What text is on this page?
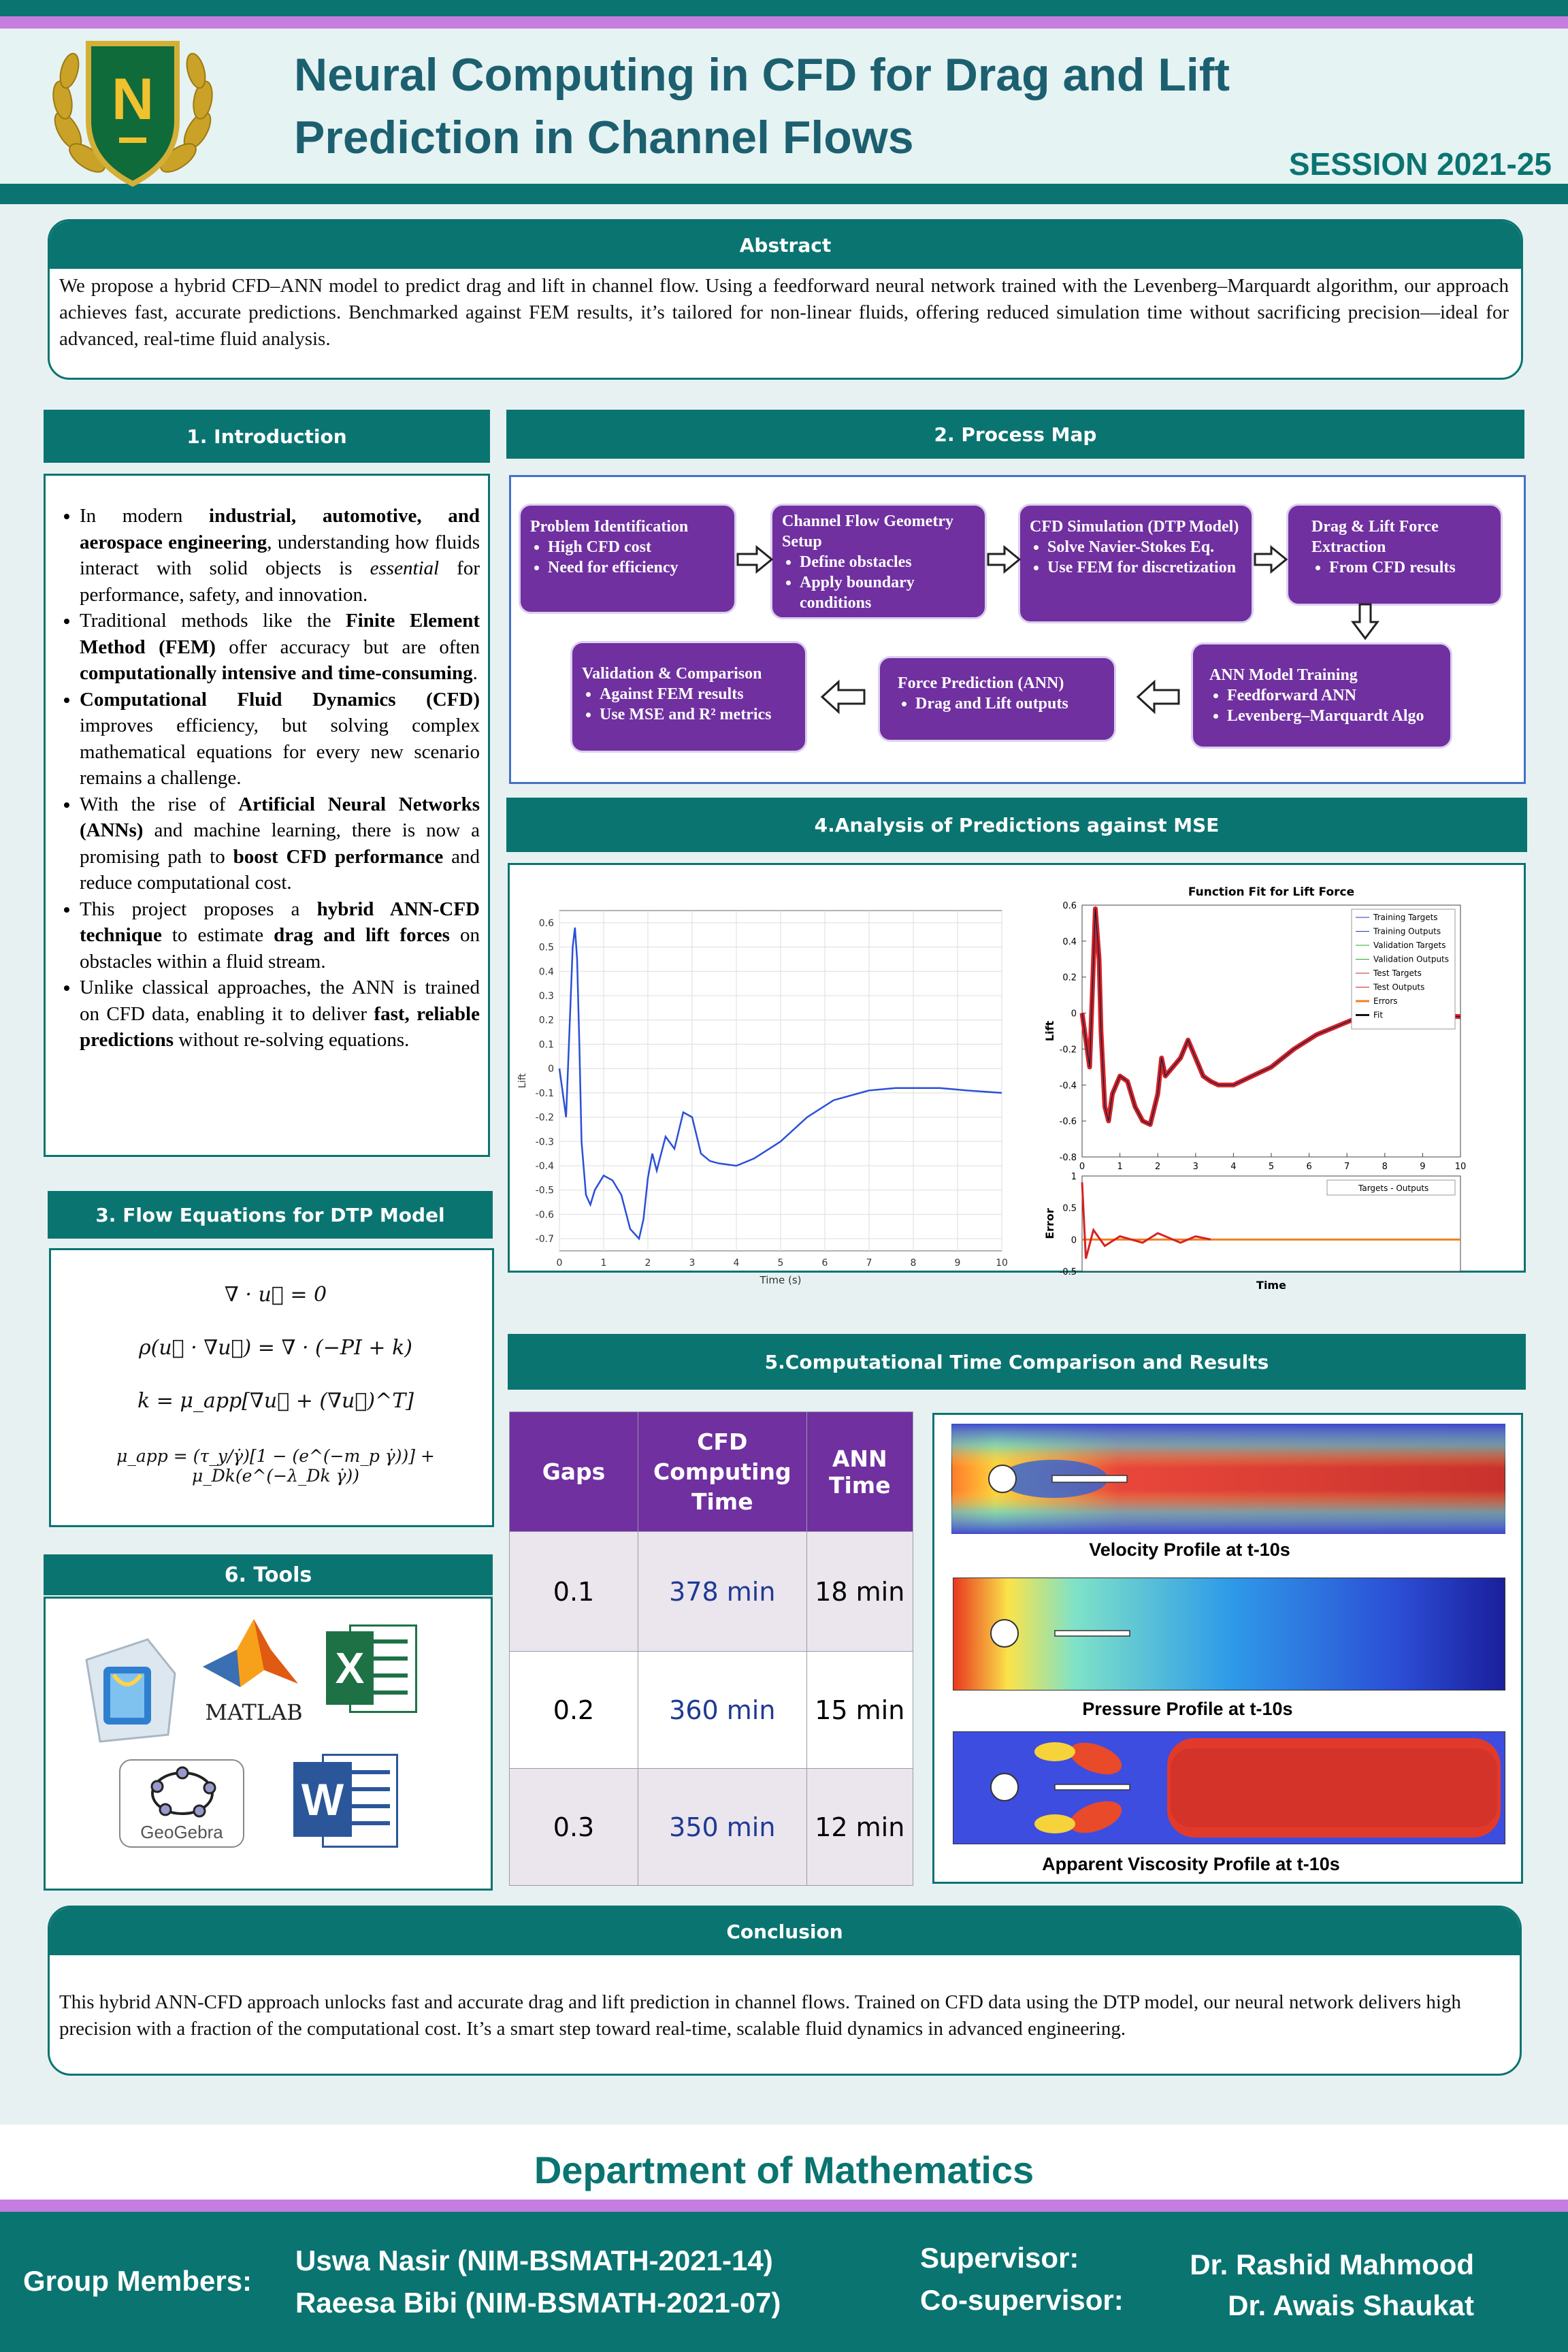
N	Neural Computing in CFD for Drag and Lift
Prediction in Channel Flows
SESSION 2021-25
Abstract
We propose a hybrid CFD–ANN model to predict drag and lift in channel flow. Using a feedforward neural network trained with the Levenberg–Marquardt algorithm, our approach achieves fast, accurate predictions. Benchmarked against FEM results, it’s tailored for non-linear fluids, offering reduced simulation time without sacrificing precision—ideal for advanced, real-time fluid analysis.
1. Introduction
• In modern industrial, automotive, and aerospace engineering, understanding how fluids interact with solid objects is essential for performance, safety, and innovation.
• Traditional methods like the Finite Element Method (FEM) offer accuracy but are often computationally intensive and time-consuming.
• Computational Fluid Dynamics (CFD) improves efficiency, but solving complex mathematical equations for every new scenario remains a challenge.
• With the rise of Artificial Neural Networks (ANNs) and machine learning, there is now a promising path to boost CFD performance and reduce computational cost.
• This project proposes a hybrid ANN-CFD technique to estimate drag and lift forces on obstacles within a fluid stream.
• Unlike classical approaches, the ANN is trained on CFD data, enabling it to deliver fast, reliable predictions without re-solving equations.
2. Process Map
Problem Identification
• High CFD cost
• Need for efficiency
Channel Flow Geometry Setup
• Define obstacles
• Apply boundary conditions
CFD Simulation (DTP Model)
• Solve Navier-Stokes Eq.
• Use FEM for discretization
Drag & Lift Force Extraction
• From CFD results
ANN Model Training
• Feedforward ANN
• Levenberg–Marquardt Algo
Force Prediction (ANN)
• Drag and Lift outputs
Validation & Comparison
• Against FEM results
• Use MSE and R² metrics
3. Flow Equations for DTP Model
∇ · u⃗ = 0
ρ(u⃗ · ∇u⃗) = ∇ · (−PI + k)
k = μ_app[∇u⃗ + (∇u⃗)^T]
μ_app = (τ_y/γ̇)[1 − (e^(−m_p γ̇))] + μ_Dk(e^(−λ_Dk γ̇))
6. Tools
MATLAB
X
GeoGebra
W
4.Analysis of Predictions against MSE
0	1	2	3	4	5	6	7	8	9	10
0.6
0.5
0.4
0.3
0.2
0.1
0
-0.1
-0.2
-0.3
-0.4
-0.5
-0.6
-0.7
Time (s)
Lift
Function Fit for Lift Force
0.6
0.4
0.2
0
-0.2
-0.4
-0.6
-0.8
0	1	2	3	4	5	6	7	8	9	10
Lift
Training Targets
Training Outputs
Validation Targets
Validation Outputs
Test Targets
Test Outputs
Errors
Fit
1
0.5
0
-0.5
Targets - Outputs
Error
Time
5.Computational Time Comparison and Results
Gaps	CFD Computing Time	ANN Time
0.1	378 min	18 min
0.2	360 min	15 min
0.3	350 min	12 min
Velocity Profile at t-10s
Pressure Profile at t-10s
Apparent Viscosity Profile at t-10s
Conclusion
This hybrid ANN-CFD approach unlocks fast and accurate drag and lift prediction in channel flows. Trained on CFD data using the DTP model, our neural network delivers high precision with a fraction of the computational cost. It’s a smart step toward real-time, scalable fluid dynamics in advanced engineering.
Department of Mathematics
Group Members:
Uswa Nasir (NIM-BSMATH-2021-14)
Raeesa Bibi (NIM-BSMATH-2021-07)
Supervisor:
Co-supervisor:
Dr. Rashid Mahmood
Dr. Awais Shaukat
